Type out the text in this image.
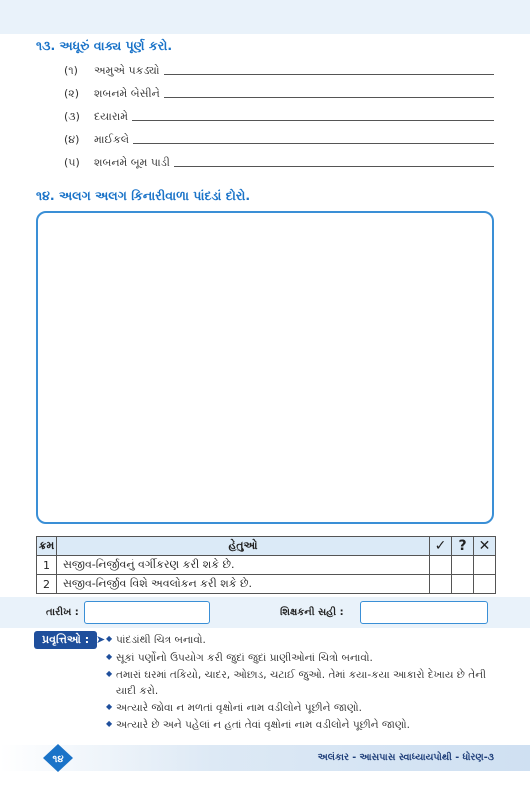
૧૩. અધૂરું વાક્ય પૂર્ણ કરો.
(૧)	અમુએ પકડ્યો
(૨)	શબનમે બેસીને
(૩)	દયારામે
(૪)	માઈકલે
(૫)	શબનમે બૂમ પાડી
૧૪. અલગ અલગ કિનારીવાળા પાંદડાં દોરો.
ક્રમ	હેતુઓ	✓	?	✕
1	સજીવ-નિર્જીવનું વર્ગીકરણ કરી શકે છે.			
2	સજીવ-નિર્જીવ વિશે અવલોકન કરી શકે છે.			
તારીખ :	શિક્ષકની સહી :
પ્રવૃત્તિઓ : ➤ ◆ પાંદડાંથી ચિત્ર બનાવો.
◆ સૂકાં પર્ણોનો ઉપયોગ કરી જુદાં જુદાં પ્રાણીઓનાં ચિત્રો બનાવો.
◆ તમારાં ઘરમાં તકિયો, ચાદર, ઓછાડ, ચટાઈ જુઓ. તેમાં કયા-કયા આકારો દેખાય છે તેની યાદી કરો.
◆ અત્યારે જોવા ન મળતાં વૃક્ષોનાં નામ વડીલોને પૂછીને જાણો.
◆ અત્યારે છે અને પહેલાં ન હતાં તેવાં વૃક્ષોનાં નામ વડીલોને પૂછીને જાણો.
૧૪	અલંકાર - આસપાસ સ્વાધ્યાયપોથી - ધોરણ-૩
